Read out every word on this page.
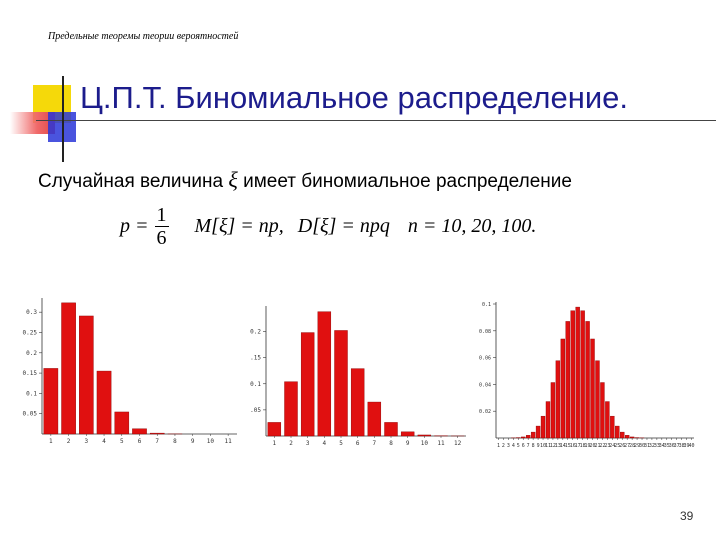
Предельные теоремы теории вероятностей
Ц.П.Т. Биномиальное распределение.
Случайная величина ξ имеет биномиальное распределение
$p = \frac{1}{6} M[\xi]$ = np, D[ξ] = npq n = 10, 20, 100.
0.05
0.1
0.15
0.2
0.25
0.3
1 2 3 4 5 6 7 8 9 10 11
.05
0.1
.15
0.2
1 2 3 4 5 6 7 8 9 10 11 12
0.02
0.04
0.06
0.08
0.1
1 2 3 4 5 6 7 8 9 10
11
12
13
14
15
16
17
18
19
20
21
22
23
24
25
26
27
28
29
30
31
32
33
34
35
36
37
38
39
40
39
